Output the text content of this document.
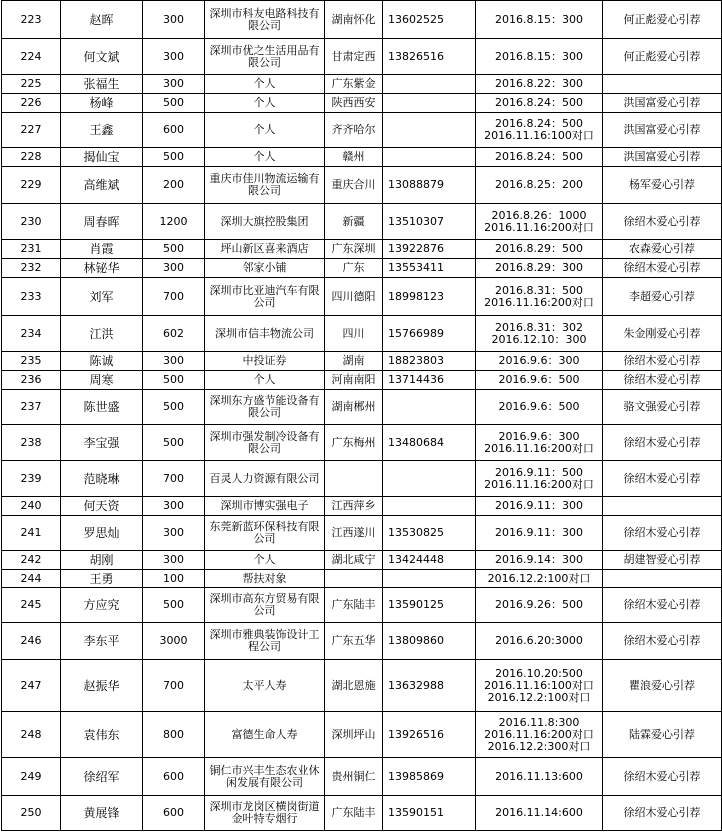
223	赵晖	300	深圳市科友电路科技有限公司	湖南怀化	13602525	2016.8.15：300	何正彪爱心引荐
224	何文斌	300	深圳市优之生活用品有限公司	甘肃定西	13826516	2016.8.15：300	何正彪爱心引荐
225	张福生	300	个人	广东紫金		2016.8.22：300	
226	杨峰	500	个人	陕西西安		2016.8.24：500	洪国富爱心引荐
227	王鑫	600	个人	齐齐哈尔		2016.8.24：500
2016.11.16:100对口	洪国富爱心引荐
228	揭仙宝	500	个人	赣州		2016.8.24：500	洪国富爱心引荐
229	高维斌	200	重庆市佳川物流运输有限公司	重庆合川	13088879	2016.8.25：200	杨军爱心引荐
230	周春晖	1200	深圳大旗控股集团	新疆	13510307	2016.8.26：1000
2016.11.16:200对口	徐绍木爱心引荐
231	肖霞	500	坪山新区喜来酒店	广东深圳	13922876	2016.8.29：500	农森爱心引荐
232	林铋华	300	邻家小铺	广东	13553411	2016.8.29：300	徐绍木爱心引荐
233	刘军	700	深圳市比亚迪汽车有限公司	四川德阳	18998123	2016.8.31：500
2016.11.16:200对口	李超爱心引荐
234	江洪	602	深圳市信丰物流公司	四川	15766989	2016.8.31：302
2016.12.10：300	朱金刚爱心引荐
235	陈诚	300	中投证券	湖南	18823803	2016.9.6：300	徐绍木爱心引荐
236	周寒	500	个人	河南南阳	13714436	2016.9.6：500	徐绍木爱心引荐
237	陈世盛	500	深圳东方盛节能设备有限公司	湖南郴州		2016.9.6：500	骆文强爱心引荐
238	李宝强	500	深圳市强发制冷设备有限公司	广东梅州	13480684	2016.9.6：300
2016.11.16:200对口	徐绍木爱心引荐
239	范晓琳	700	百灵人力资源有限公司			2016.9.11：500
2016.11.16:200对口	徐绍木爱心引荐
240	何天资	300	深圳市博实强电子	江西萍乡		2016.9.11：300	
241	罗思灿	300	东莞新蓝环保科技有限公司	江西遂川	13530825	2016.9.11：300	徐绍木爱心引荐
242	胡刚	300	个人	湖北咸宁	13424448	2016.9.14：300	胡建智爱心引荐
244	王勇	100	帮扶对象			2016.12.2:100对口	
245	方应究	500	深圳市高东方贸易有限公司	广东陆丰	13590125	2016.9.26：500	徐绍木爱心引荐
246	李东平	3000	深圳市雅典装饰设计工程公司	广东五华	13809860	2016.6.20:3000	徐绍木爱心引荐
247	赵振华	700	太平人寿	湖北恩施	13632988	2016.10.20:500
2016.11.16:100对口
2016.12.2:100对口	瞿浪爱心引荐
248	袁伟东	800	富德生命人寿	深圳坪山	13926516	2016.11.8:300
2016.11.16:200对口
2016.12.2:300对口	陆霖爱心引荐
249	徐绍军	600	铜仁市兴丰生态农业休闲发展有限公司	贵州铜仁	13985869	2016.11.13:600	徐绍木爱心引荐
250	黄展锋	600	深圳市龙岗区横岗街道金叶特专烟行	广东陆丰	13590151	2016.11.14:600	徐绍木爱心引荐
